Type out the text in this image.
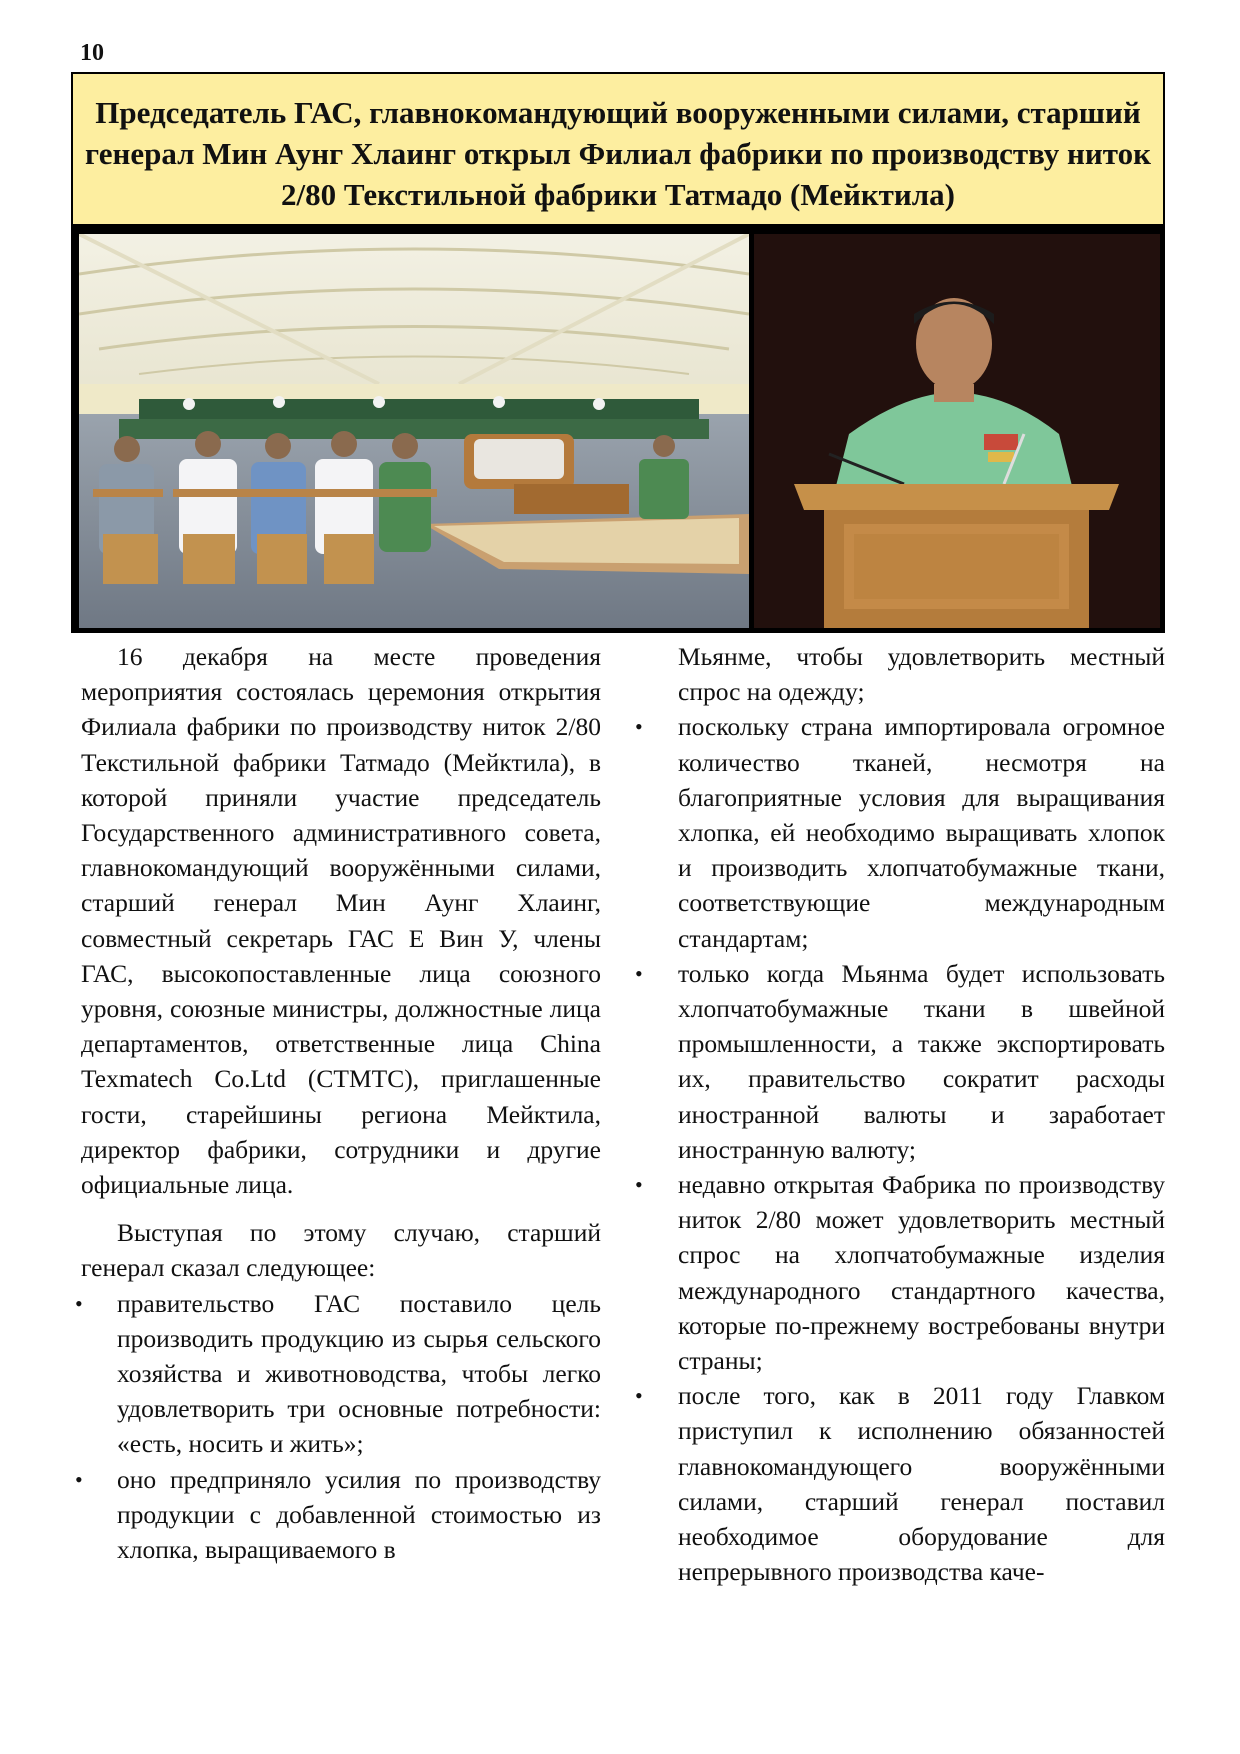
10
Председатель ГАС, главнокомандующий вооруженными силами, старший
генерал Мин Аунг Хлаинг открыл Филиал фабрики по производству ниток
2/80 Текстильной фабрики Татмадо (Мейктила)

16 декабря на месте проведения мероприятия состоялась церемония открытия Филиала фабрики по производству ниток 2/80 Текстильной фабрики Татмадо (Мейктила), в которой приняли участие председатель Государственного административного совета, главнокомандующий вооружёнными силами, старший генерал Мин Аунг Хлаинг, совместный секретарь ГАС Е Вин У, члены ГАС, высокопоставленные лица союзного уровня, союзные министры, должностные лица департаментов, ответственные лица China Texmatech Co.Ltd (CTMTC), приглашенные гости, старейшины региона Мейктила, директор фабрики, сотрудники и другие официальные лица.

Выступая по этому случаю, старший генерал сказал следующее:

• правительство ГАС поставило цель производить продукцию из сырья сельского хозяйства и животноводства, чтобы легко удовлетворить три основные потребности: «есть, носить и жить»;

• оно предприняло усилия по производству продукции с добавленной стоимостью из хлопка, выращиваемого в

Мьянме, чтобы удовлетворить местный спрос на одежду;

• поскольку страна импортировала огромное количество тканей, несмотря на благоприятные условия для выращивания хлопка, ей необходимо выращивать хлопок и производить хлопчатобумажные ткани, соответствующие международным стандартам;

• только когда Мьянма будет использовать хлопчатобумажные ткани в швейной промышленности, а также экспортировать их, правительство сократит расходы иностранной валюты и заработает иностранную валюту;

• недавно открытая Фабрика по производству ниток 2/80 может удовлетворить местный спрос на хлопчатобумажные изделия международного стандартного качества, которые по-прежнему востребованы внутри страны;

• после того, как в 2011 году Главком приступил к исполнению обязанностей главнокомандующего вооружёнными силами, старший генерал поставил необходимое оборудование для непрерывного производства каче-
